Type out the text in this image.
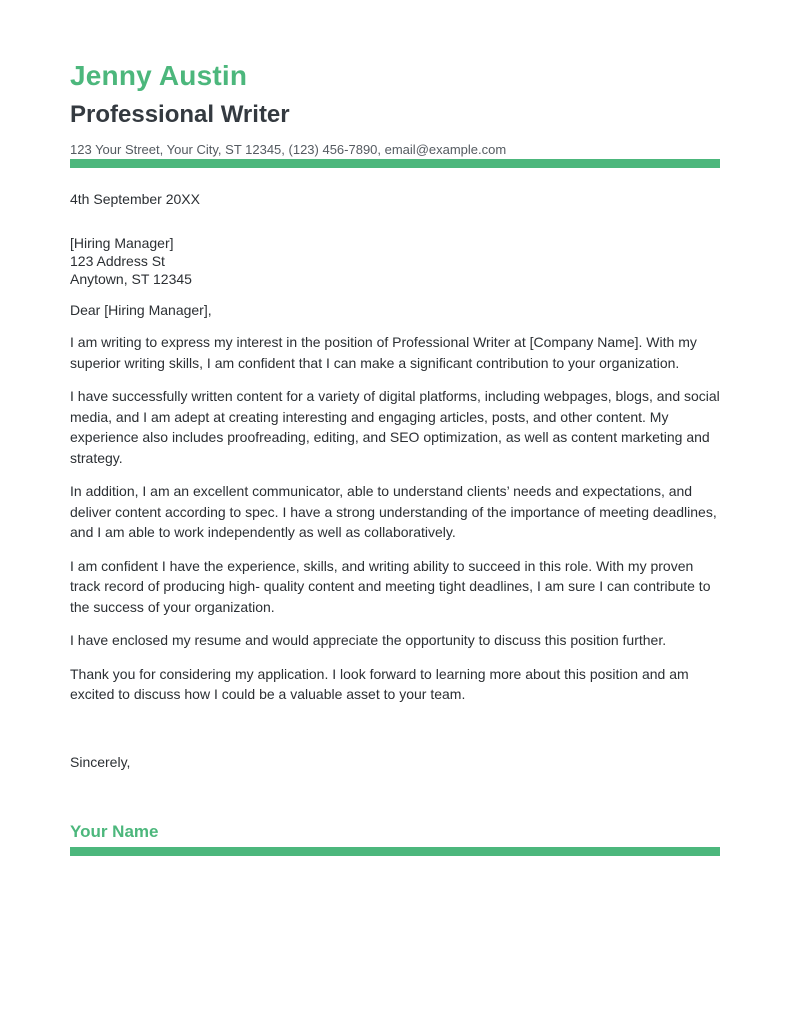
Jenny Austin
Professional Writer
123 Your Street, Your City, ST 12345, (123) 456-7890, email@example.com
4th September 20XX
[Hiring Manager]
123 Address St
Anytown, ST 12345
Dear [Hiring Manager],

I am writing to express my interest in the position of Professional Writer at [Company Name]. With my superior writing skills, I am confident that I can make a significant contribution to your organization.

I have successfully written content for a variety of digital platforms, including webpages, blogs, and social media, and I am adept at creating interesting and engaging articles, posts, and other content. My experience also includes proofreading, editing, and SEO optimization, as well as content marketing and strategy.

In addition, I am an excellent communicator, able to understand clients’ needs and expectations, and deliver content according to spec. I have a strong understanding of the importance of meeting deadlines, and I am able to work independently as well as collaboratively.

I am confident I have the experience, skills, and writing ability to succeed in this role. With my proven track record of producing high- quality content and meeting tight deadlines, I am sure I can contribute to the success of your organization.

I have enclosed my resume and would appreciate the opportunity to discuss this position further.

Thank you for considering my application. I look forward to learning more about this position and am excited to discuss how I could be a valuable asset to your team.

Sincerely,
Your Name
